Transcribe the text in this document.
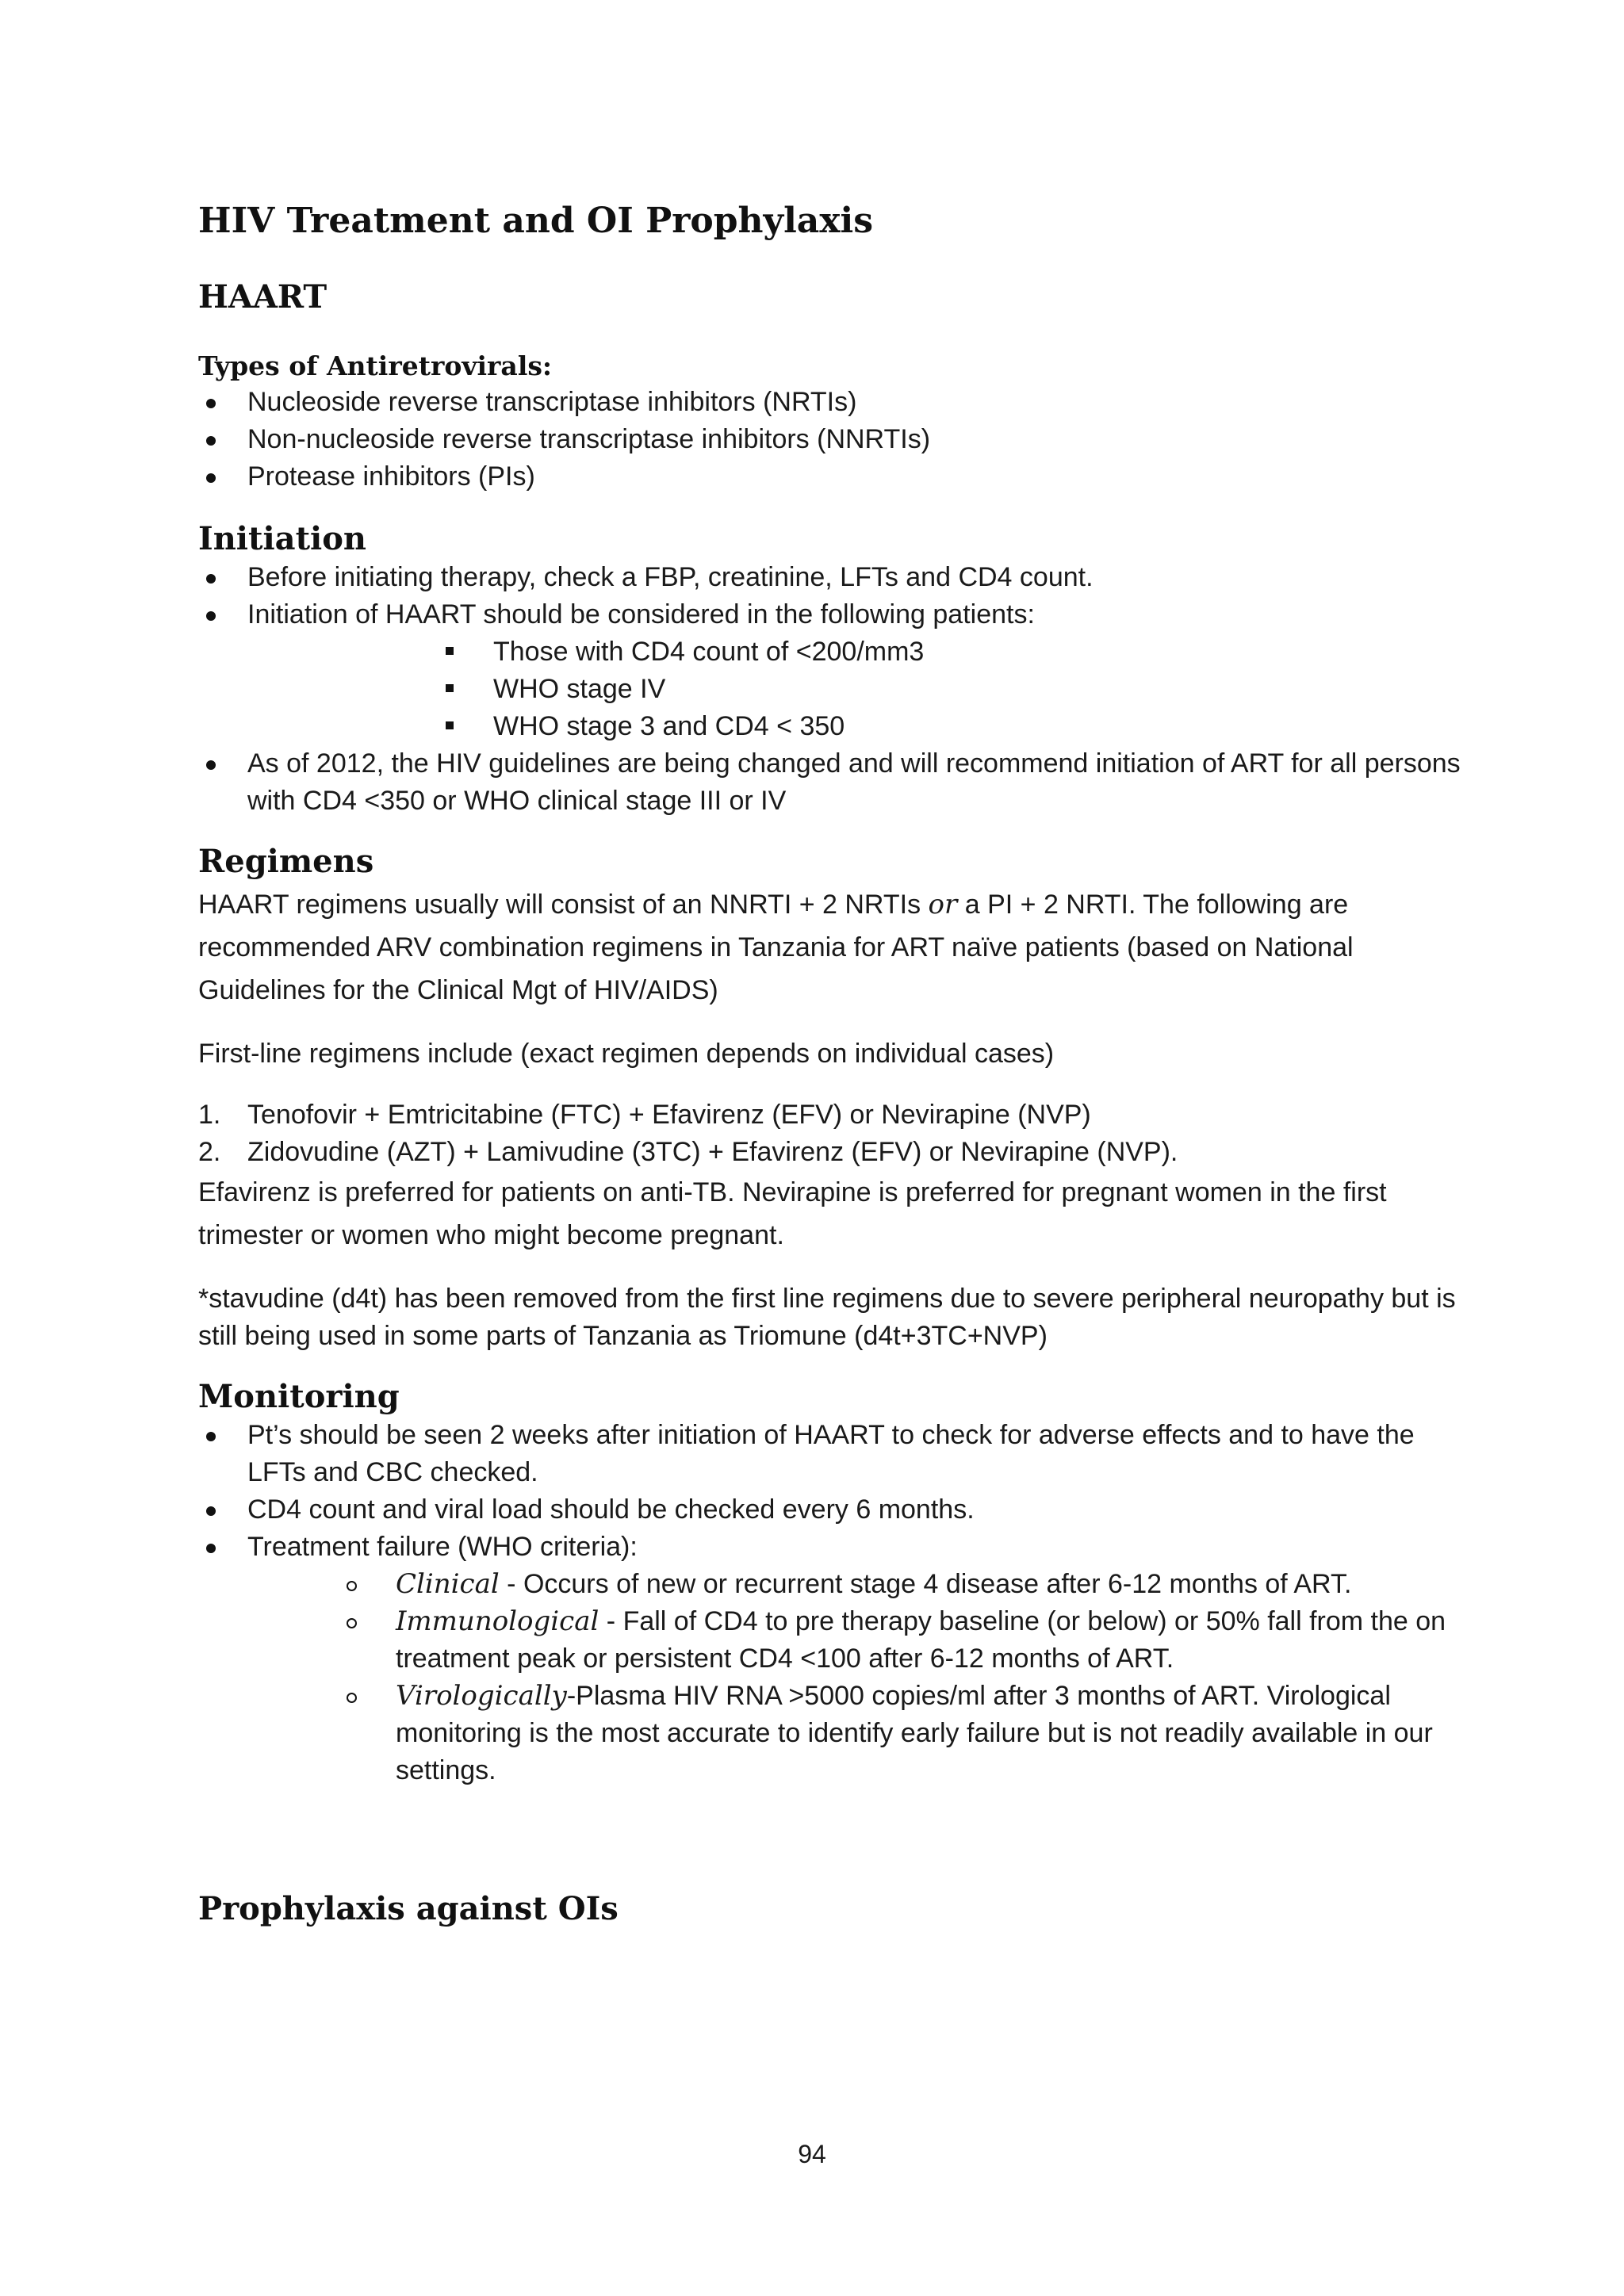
HIV Treatment and OI Prophylaxis
HAART
Types of Antiretrovirals:
Nucleoside reverse transcriptase inhibitors (NRTIs)
Non-nucleoside reverse transcriptase inhibitors (NNRTIs)
Protease inhibitors (PIs)
Initiation
Before initiating therapy, check a FBP, creatinine, LFTs and CD4 count.
Initiation of HAART should be considered in the following patients:
Those with CD4 count of <200/mm3
WHO stage IV
WHO stage 3 and CD4 < 350
As of 2012, the HIV guidelines are being changed and will recommend initiation of ART for all persons with CD4 <350 or WHO clinical stage III or IV
Regimens

HAART regimens usually will consist of an NNRTI + 2 NRTIs or a PI + 2 NRTI. The following are recommended ARV combination regimens in Tanzania for ART naïve patients (based on National Guidelines for the Clinical Mgt of HIV/AIDS)

First-line regimens include (exact regimen depends on individual cases)

1. Tenofovir + Emtricitabine (FTC) + Efavirenz (EFV) or Nevirapine (NVP)
2. Zidovudine (AZT) + Lamivudine (3TC) + Efavirenz (EFV) or Nevirapine (NVP).

Efavirenz is preferred for patients on anti-TB. Nevirapine is preferred for pregnant women in the first trimester or women who might become pregnant.

*stavudine (d4t) has been removed from the first line regimens due to severe peripheral neuropathy but is still being used in some parts of Tanzania as Triomune (d4t+3TC+NVP)

Monitoring
Pt’s should be seen 2 weeks after initiation of HAART to check for adverse effects and to have the LFTs and CBC checked.
CD4 count and viral load should be checked every 6 months.
Treatment failure (WHO criteria):
Clinical - Occurs of new or recurrent stage 4 disease after 6-12 months of ART.
Immunological - Fall of CD4 to pre therapy baseline (or below) or 50% fall from the on treatment peak or persistent CD4 <100 after 6-12 months of ART.
Virologically-Plasma HIV RNA >5000 copies/ml after 3 months of ART. Virological monitoring is the most accurate to identify early failure but is not readily available in our settings.
Prophylaxis against OIs
94
